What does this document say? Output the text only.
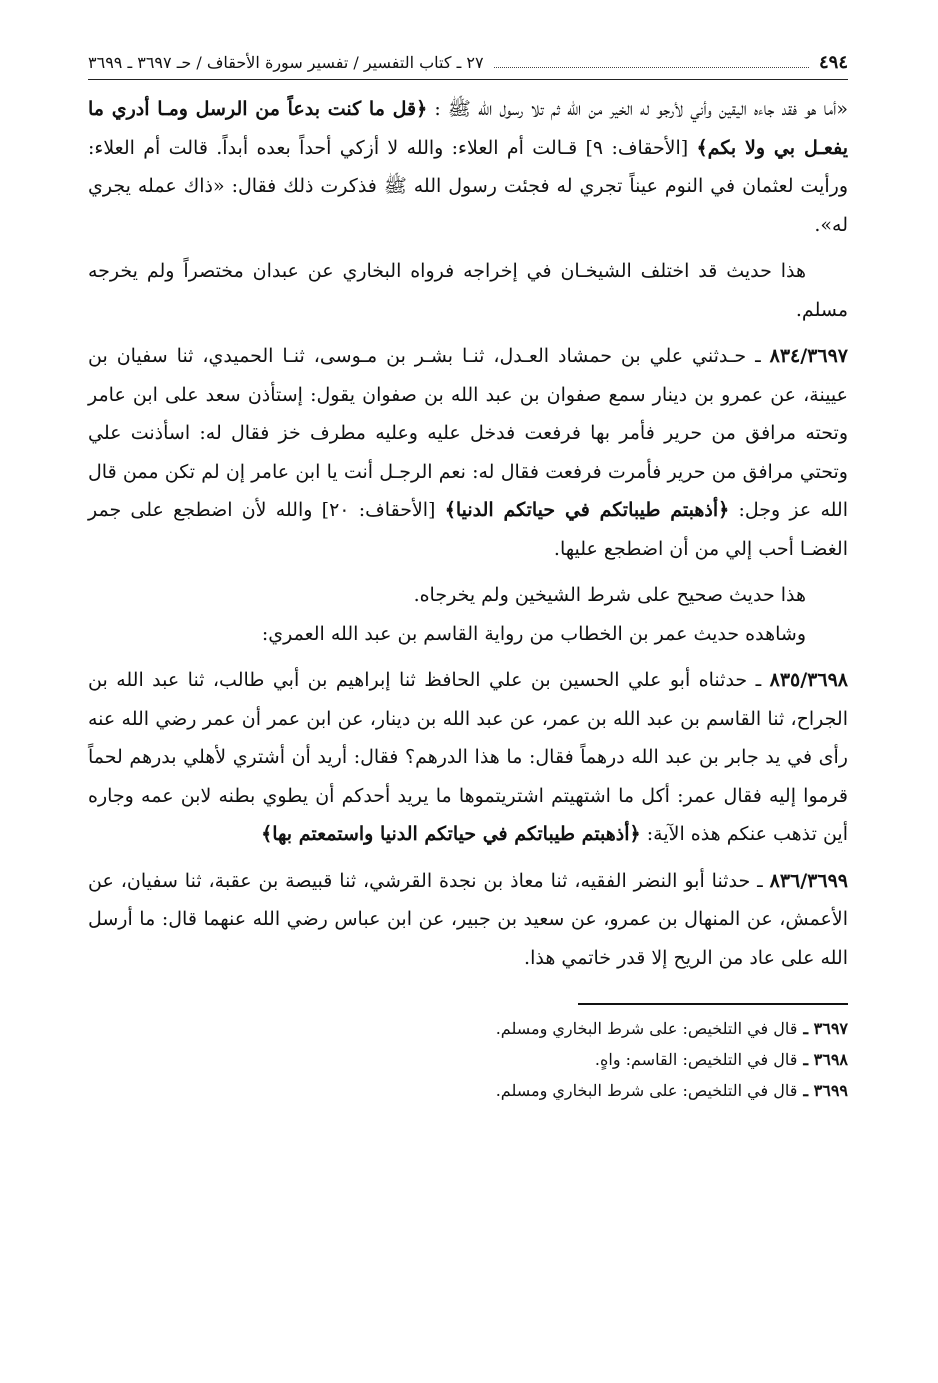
٤٩٤
٢٧ ـ كتاب التفسير / تفسير سورة الأحقاف / حـ ٣٦٩٧ ـ ٣٦٩٩

«أما هو فقد جاءه اليقين وأني لأرجو له الخير من الله ثم تلا رسول الله ﷺ : ﴿قل ما كنت بدعاً من الرسل ومـا أدري ما يفعـل بي ولا بكم﴾ [الأحقاف: ٩] قـالت أم العلاء: والله لا أزكي أحداً بعده أبداً. قالت أم العلاء: ورأيت لعثمان في النوم عيناً تجري له فجئت رسول الله ﷺ فذكرت ذلك فقال: «ذاك عمله يجري له».

هذا حديث قد اختلف الشيخـان في إخراجه فرواه البخاري عن عبدان مختصراً ولم يخرجه مسلم.

٨٣٤/٣٦٩٧ ـ حـدثني علي بن حمشاد العـدل، ثنـا بشـر بن مـوسى، ثنـا الحميدي، ثنا سفيان بن عيينة، عن عمرو بن دينار سمع صفوان بن عبد الله بن صفوان يقول: إستأذن سعد على ابن عامر وتحته مرافق من حرير فأمر بها فرفعت فدخل عليه وعليه مطرف خز فقال له: اسأذنت علي وتحتي مرافق من حرير فأمرت فرفعت فقال له: نعم الرجـل أنت يا ابن عامر إن لم تكن ممن قال الله عز وجل: ﴿أذهبتم طيباتكم في حياتكم الدنيا﴾ [الأحقاف: ٢٠] والله لأن اضطجع على جمر الغضـا أحب إلي من أن اضطجع عليها.

هذا حديث صحيح على شرط الشيخين ولم يخرجاه.

وشاهده حديث عمر بن الخطاب من رواية القاسم بن عبد الله العمري:

٨٣٥/٣٦٩٨ ـ حدثناه أبو علي الحسين بن علي الحافظ ثنا إبراهيم بن أبي طالب، ثنا عبد الله بن الجراح، ثنا القاسم بن عبد الله بن عمر، عن عبد الله بن دينار، عن ابن عمر أن عمر رضي الله عنه رأى في يد جابر بن عبد الله درهماً فقال: ما هذا الدرهم؟ فقال: أريد أن أشتري لأهلي بدرهم لحماً قرموا إليه فقال عمر: أكل ما اشتهيتم اشتريتموها ما يريد أحدكم أن يطوي بطنه لابن عمه وجاره أين تذهب عنكم هذه الآية: ﴿أذهبتم طيباتكم في حياتكم الدنيا واستمعتم بها﴾

٨٣٦/٣٦٩٩ ـ حدثنا أبو النضر الفقيه، ثنا معاذ بن نجدة القرشي، ثنا قبيصة بن عقبة، ثنا سفيان، عن الأعمش، عن المنهال بن عمرو، عن سعيد بن جبير، عن ابن عباس رضي الله عنهما قال: ما أرسل الله على عاد من الريح إلا قدر خاتمي هذا.

٣٦٩٧ ـ
قال في التلخيص: على شرط البخاري ومسلم.
٣٦٩٨ ـ
قال في التلخيص: القاسم: واهٍ.
٣٦٩٩ ـ
قال في التلخيص: على شرط البخاري ومسلم.
